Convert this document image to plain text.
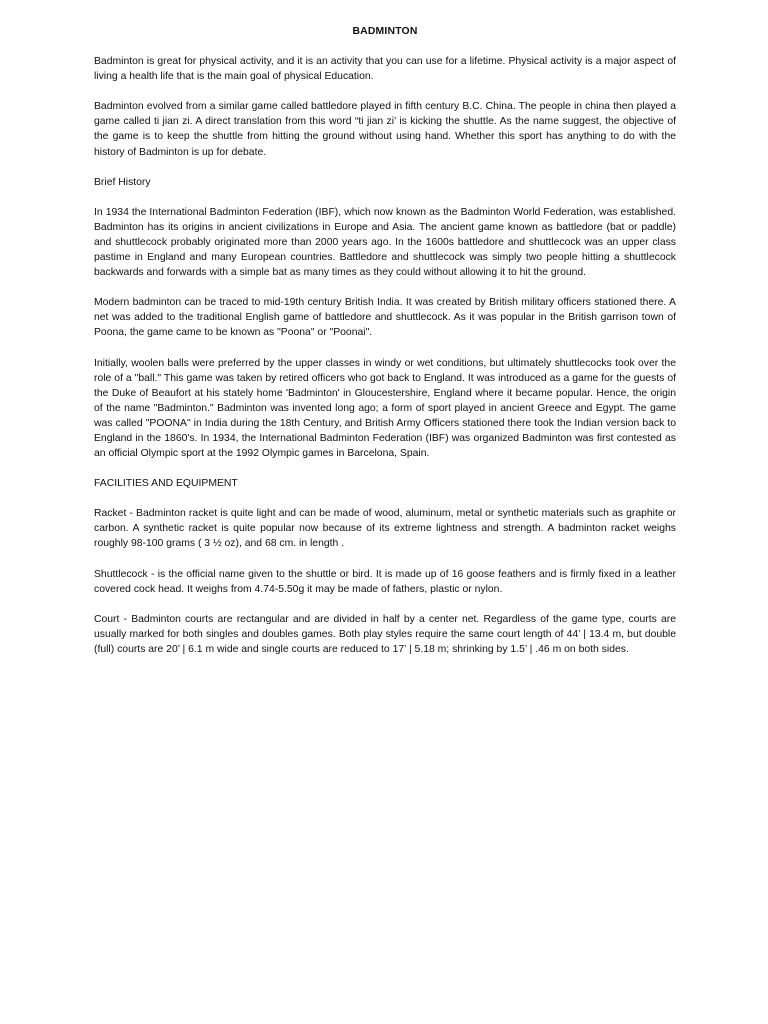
BADMINTON

Badminton is great for physical activity, and it is an activity that you can use for a lifetime. Physical activity is a major aspect of living a health life that is the main goal of physical Education.

Badminton evolved from a similar game called battledore played in fifth century B.C. China. The people in china then played a game called ti jian zi. A direct translation from this word “ti jian zi’ is kicking the shuttle. As the name suggest, the objective of the game is to keep the shuttle from hitting the ground without using hand. Whether this sport has anything to do with the history of Badminton is up for debate.

Brief History

In 1934 the International Badminton Federation (IBF), which now known as the Badminton World Federation, was established. Badminton has its origins in ancient civilizations in Europe and Asia. The ancient game known as battledore (bat or paddle) and shuttlecock probably originated more than 2000 years ago. In the 1600s battledore and shuttlecock was an upper class pastime in England and many European countries. Battledore and shuttlecock was simply two people hitting a shuttlecock backwards and forwards with a simple bat as many times as they could without allowing it to hit the ground.

Modern badminton can be traced to mid-19th century British India. It was created by British military officers stationed there. A net was added to the traditional English game of battledore and shuttlecock. As it was popular in the British garrison town of Poona, the game came to be known as "Poona" or "Poonai".

Initially, woolen balls were preferred by the upper classes in windy or wet conditions, but ultimately shuttlecocks took over the role of a "ball." This game was taken by retired officers who got back to England. It was introduced as a game for the guests of the Duke of Beaufort at his stately home 'Badminton' in Gloucestershire, England where it became popular. Hence, the origin of the name "Badminton." Badminton was invented long ago; a form of sport played in ancient Greece and Egypt. The game was called "POONA" in India during the 18th Century, and British Army Officers stationed there took the Indian version back to England in the 1860's. In 1934, the International Badminton Federation (IBF) was organized Badminton was first contested as an official Olympic sport at the 1992 Olympic games in Barcelona, Spain.

FACILITIES AND EQUIPMENT

Racket - Badminton racket is quite light and can be made of wood, aluminum, metal or synthetic materials such as graphite or carbon. A synthetic racket is quite popular now because of its extreme lightness and strength. A badminton racket weighs roughly 98-100 grams ( 3 ½ oz), and 68 cm. in length .

Shuttlecock - is the official name given to the shuttle or bird. It is made up of 16 goose feathers and is firmly fixed in a leather covered cock head. It weighs from 4.74-5.50g it may be made of fathers, plastic or nylon.

Court - Badminton courts are rectangular and are divided in half by a center net. Regardless of the game type, courts are usually marked for both singles and doubles games. Both play styles require the same court length of 44’ | 13.4 m, but double (full) courts are 20’ | 6.1 m wide and single courts are reduced to 17’ | 5.18 m; shrinking by 1.5’ | .46 m on both sides.
